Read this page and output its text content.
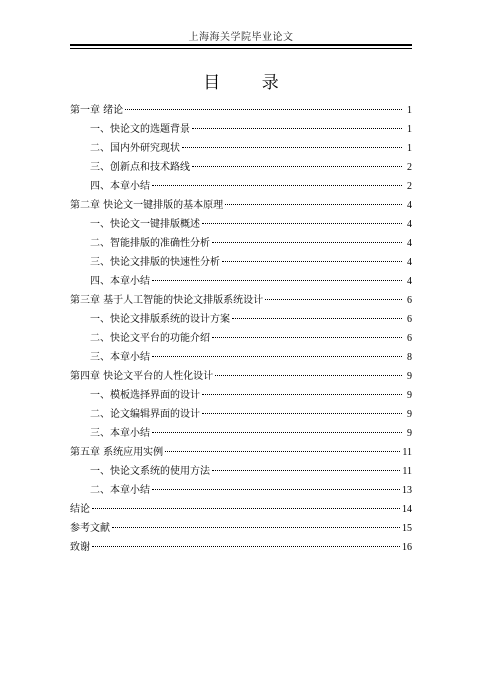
上海海关学院毕业论文
目 录
第一章 绪论	1
一、快论文的选题背景	1
二、国内外研究现状	1
三、创新点和技术路线	2
四、本章小结	2
第二章 快论文一键排版的基本原理	4
一、快论文一键排版概述	4
二、智能排版的准确性分析	4
三、快论文排版的快速性分析	4
四、本章小结	4
第三章 基于人工智能的快论文排版系统设计	6
一、快论文排版系统的设计方案	6
二、快论文平台的功能介绍	6
三、本章小结	8
第四章 快论文平台的人性化设计	9
一、模板选择界面的设计	9
二、论文编辑界面的设计	9
三、本章小结	9
第五章 系统应用实例	11
一、快论文系统的使用方法	11
二、本章小结	13
结论	14
参考文献	15
致谢	16
